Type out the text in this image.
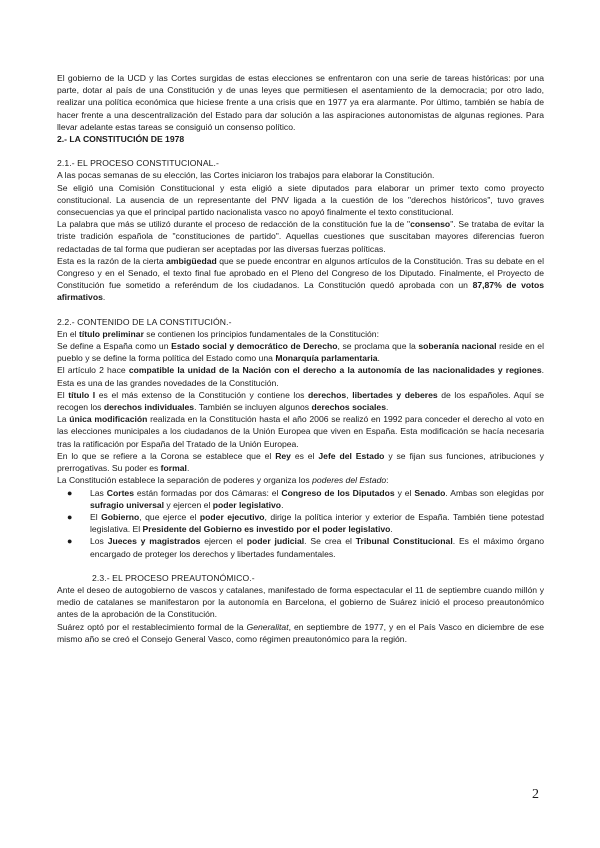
El gobierno de la UCD y las Cortes surgidas de estas elecciones se enfrentaron con una serie de tareas históricas: por una parte, dotar al país de una Constitución y de unas leyes que permitiesen el asentamiento de la democracia; por otro lado, realizar una política económica que hiciese frente a una crisis que en 1977 ya era alarmante. Por último, también se había de hacer frente a una descentralización del Estado para dar solución a las aspiraciones autonomistas de algunas regiones. Para llevar adelante estas tareas se consiguió un consenso político.

2.- LA CONSTITUCIÓN DE 1978

2.1.- EL PROCESO CONSTITUCIONAL.-

A las pocas semanas de su elección, las Cortes iniciaron los trabajos para elaborar la Constitución.

Se eligió una Comisión Constitucional y esta eligió a siete diputados para elaborar un primer texto como proyecto constitucional. La ausencia de un representante del PNV ligada a la cuestión de los "derechos históricos", tuvo graves consecuencias ya que el principal partido nacionalista vasco no apoyó finalmente el texto constitucional.

La palabra que más se utilizó durante el proceso de redacción de la constitución fue la de "consenso". Se trataba de evitar la triste tradición española de "constituciones de partido". Aquellas cuestiones que suscitaban mayores diferencias fueron redactadas de tal forma que pudieran ser aceptadas por las diversas fuerzas políticas.

Esta es la razón de la cierta ambigüedad que se puede encontrar en algunos artículos de la Constitución. Tras su debate en el Congreso y en el Senado, el texto final fue aprobado en el Pleno del Congreso de los Diputado. Finalmente, el Proyecto de Constitución fue sometido a referéndum de los ciudadanos. La Constitución quedó aprobada con un 87,87% de votos afirmativos.

2.2.- CONTENIDO DE LA CONSTITUCIÓN.-

En el título preliminar se contienen los principios fundamentales de la Constitución:

Se define a España como un Estado social y democrático de Derecho, se proclama que la soberanía nacional reside en el pueblo y se define la forma política del Estado como una Monarquía parlamentaria.

El artículo 2 hace compatible la unidad de la Nación con el derecho a la autonomía de las nacionalidades y regiones. Esta es una de las grandes novedades de la Constitución.

El título I es el más extenso de la Constitución y contiene los derechos, libertades y deberes de los españoles. Aquí se recogen los derechos individuales. También se incluyen algunos derechos sociales.

La única modificación realizada en la Constitución hasta el año 2006 se realizó en 1992 para conceder el derecho al voto en las elecciones municipales a los ciudadanos de la Unión Europea que viven en España. Esta modificación se hacía necesaria tras la ratificación por España del Tratado de la Unión Europea.

En lo que se refiere a la Corona se establece que el Rey es el Jefe del Estado y se fijan sus funciones, atribuciones y prerrogativas. Su poder es formal.

La Constitución establece la separación de poderes y organiza los poderes del Estado:

● Las Cortes están formadas por dos Cámaras: el Congreso de los Diputados y el Senado. Ambas son elegidas por sufragio universal y ejercen el poder legislativo.
● El Gobierno, que ejerce el poder ejecutivo, dirige la política interior y exterior de España. También tiene potestad legislativa. El Presidente del Gobierno es investido por el poder legislativo.
● Los Jueces y magistrados ejercen el poder judicial. Se crea el Tribunal Constitucional. Es el máximo órgano encargado de proteger los derechos y libertades fundamentales.

2.3.- EL PROCESO PREAUTONÓMICO.-

Ante el deseo de autogobierno de vascos y catalanes, manifestado de forma espectacular el 11 de septiembre cuando millón y medio de catalanes se manifestaron por la autonomía en Barcelona, el gobierno de Suárez inició el proceso preautonómico antes de la aprobación de la Constitución.

Suárez optó por el restablecimiento formal de la Generalitat, en septiembre de 1977, y en el País Vasco en diciembre de ese mismo año se creó el Consejo General Vasco, como régimen preautonómico para la región.

2
